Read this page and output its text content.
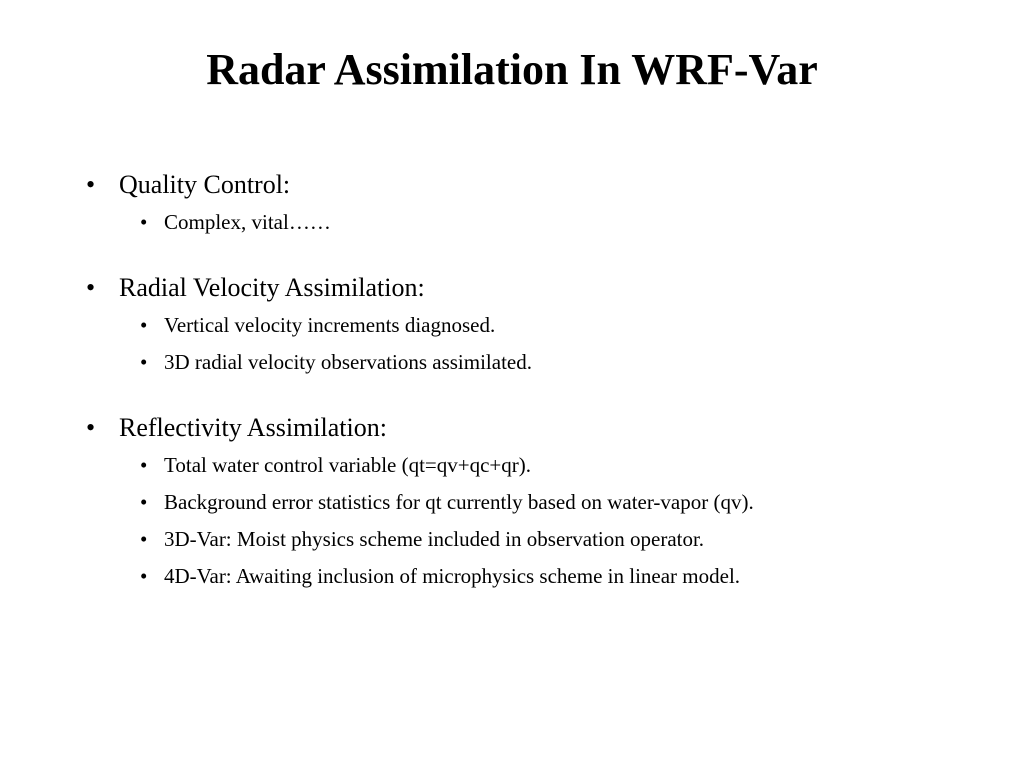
Radar Assimilation In WRF-Var

• Quality Control:

• Complex, vital……

• Radial Velocity Assimilation:

• Vertical velocity increments diagnosed.

• 3D radial velocity observations assimilated.

• Reflectivity Assimilation:

• Total water control variable (qt=qv+qc+qr).

• Background error statistics for qt currently based on water-vapor (qv).

• 3D-Var: Moist physics scheme included in observation operator.

• 4D-Var: Awaiting inclusion of microphysics scheme in linear model.
